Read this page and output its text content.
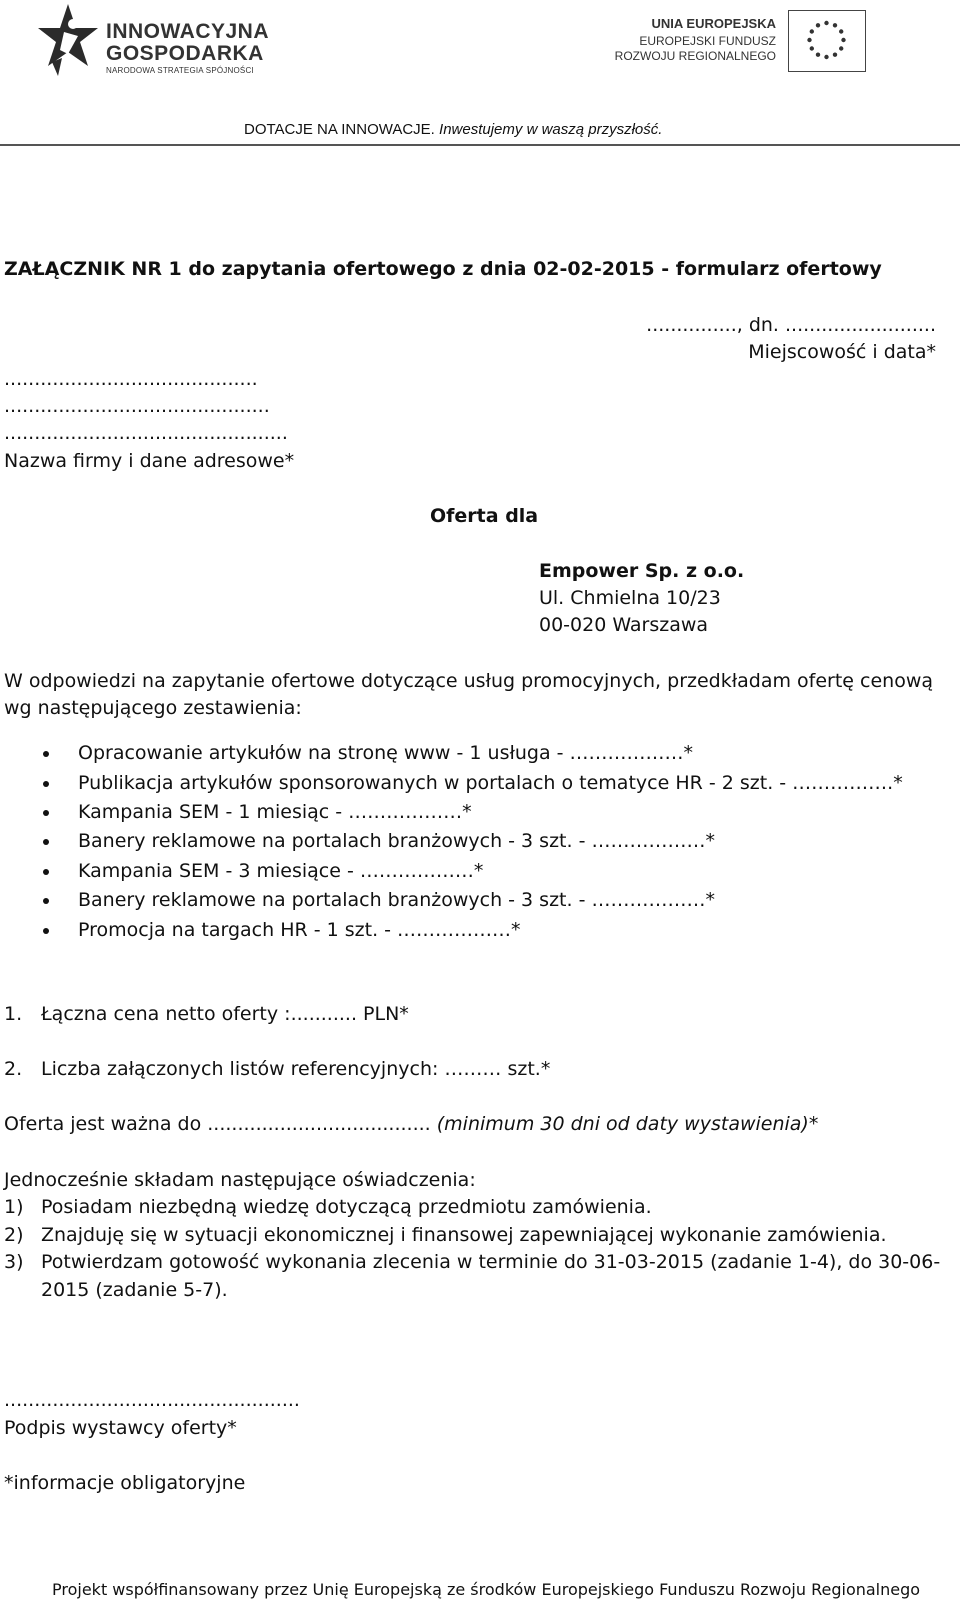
INNOWACYJNA
GOSPODARKA
NARODOWA STRATEGIA SPÓJNOŚCI
UNIA EUROPEJSKA
EUROPEJSKI FUNDUSZ
ROZWOJU REGIONALNEGO
DOTACJE NA INNOWACJE. Inwestujemy w waszą przyszłość.
ZAŁĄCZNIK NR 1 do zapytania ofertowego z dnia 02-02-2015 - formularz ofertowy
..............., dn. .........................
Miejscowość i data*
..........................................
............................................
...............................................
Nazwa firmy i dane adresowe*
Oferta dla
Empower Sp. z o.o.
Ul. Chmielna 10/23
00-020 Warszawa
W odpowiedzi na zapytanie ofertowe dotyczące usług promocyjnych, przedkładam ofertę cenową
wg następującego zestawienia:
Opracowanie artykułów na stronę www - 1 usługa - ………………*
Publikacja artykułów sponsorowanych w portalach o tematyce HR - 2 szt. - …………….*
Kampania SEM - 1 miesiąc - ………………*
Banery reklamowe na portalach branżowych - 3 szt. - ………………*
Kampania SEM - 3 miesiące - ………………*
Banery reklamowe na portalach branżowych - 3 szt. - ………………*
Promocja na targach HR - 1 szt. - ………………*
1. Łączna cena netto oferty :........... PLN*
2. Liczba załączonych listów referencyjnych: ……… szt.*
Oferta jest ważna do ..................................... (minimum 30 dni od daty wystawienia)*
Jednocześnie składam następujące oświadczenia:
1) Posiadam niezbędną wiedzę dotyczącą przedmiotu zamówienia.
2) Znajduję się w sytuacji ekonomicznej i finansowej zapewniającej wykonanie zamówienia.
3) Potwierdzam gotowość wykonania zlecenia w terminie do 31-03-2015 (zadanie 1-4), do 30-06-
2015 (zadanie 5-7).
.................................................
Podpis wystawcy oferty*
*informacje obligatoryjne
Projekt współfinansowany przez Unię Europejską ze środków Europejskiego Funduszu Rozwoju Regionalnego
